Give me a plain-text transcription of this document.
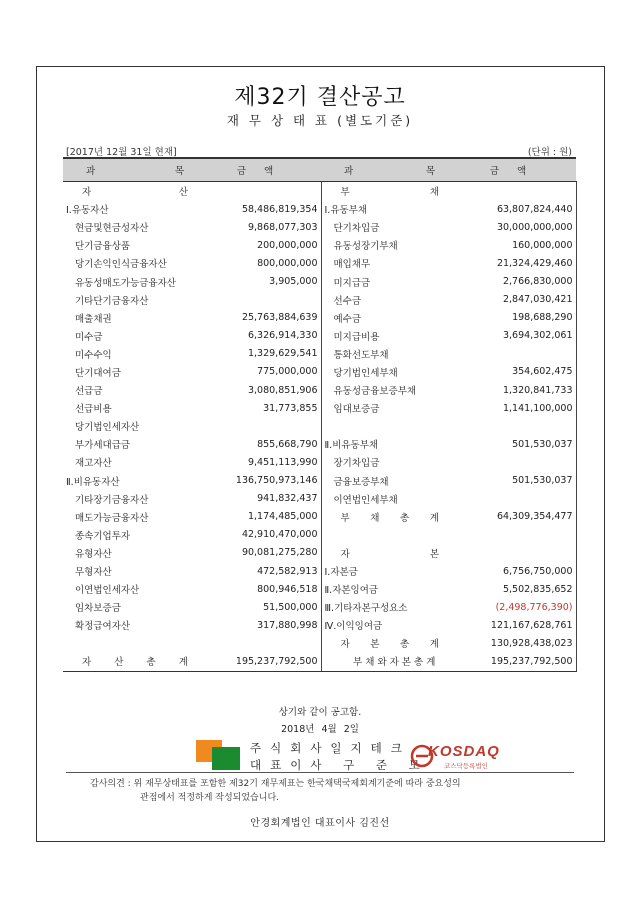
제32기 결산공고
재 무 상 태 표 (별도기준)
[2017년 12월 31일 현재]	(단위 : 원)
과 목	금액	과 목	금액

자 산		부 채	

Ⅰ.유동자산	58,486,819,354	Ⅰ.유동부채	63,807,824,440
현금및현금성자산	9,868,077,303	단기차입금	30,000,000,000
단기금융상품	200,000,000	유동성장기부채	160,000,000
당기손익인식금융자산	800,000,000	매입채무	21,324,429,460
유동성매도가능금융자산	3,905,000	미지급금	2,766,830,000
기타단기금융자산		선수금	2,847,030,421
매출채권	25,763,884,639	예수금	198,688,290
미수금	6,326,914,330	미지급비용	3,694,302,061
미수수익	1,329,629,541	통화선도부채	
단기대여금	775,000,000	당기법인세부채	354,602,475
선급금	3,080,851,906	유동성금융보증부채	1,320,841,733
선급비용	31,773,855	임대보증금	1,141,100,000
당기법인세자산			
부가세대급금	855,668,790	Ⅱ.비유동부채	501,530,037
재고자산	9,451,113,990	장기차입금	
Ⅱ.비유동자산	136,750,973,146	금융보증부채	501,530,037
기타장기금융자산	941,832,437	이연법인세부채	
매도가능금융자산	1,174,485,000	부 채 총 계	64,309,354,477
종속기업투자	42,910,470,000		
유형자산	90,081,275,280	자 본	

무형자산	472,582,913	Ⅰ.자본금	6,756,750,000
이연법인세자산	800,946,518	Ⅱ.자본잉여금	5,502,835,652
임차보증금	51,500,000	Ⅲ.기타자본구성요소	(2,498,776,390)
확정급여자산	317,880,998	Ⅳ.이익잉여금	121,167,628,761

		자 본 총 계	130,928,438,023

자 산 총 계	195,237,792,500	부 채 와 자 본 총 계	195,237,792,500
상기와 같이 공고함.
2018년 4월 2일
주식회사일지테크
대표이사 구 준 모
KOSDAQ
코스닥등록법인
감사의견 : 위 재무상태표를 포함한 제32기 재무제표는 한국채택국제회계기준에 따라 중요성의
관점에서 적정하게 작성되었습니다.
안경회계법인 대표이사 김진선
